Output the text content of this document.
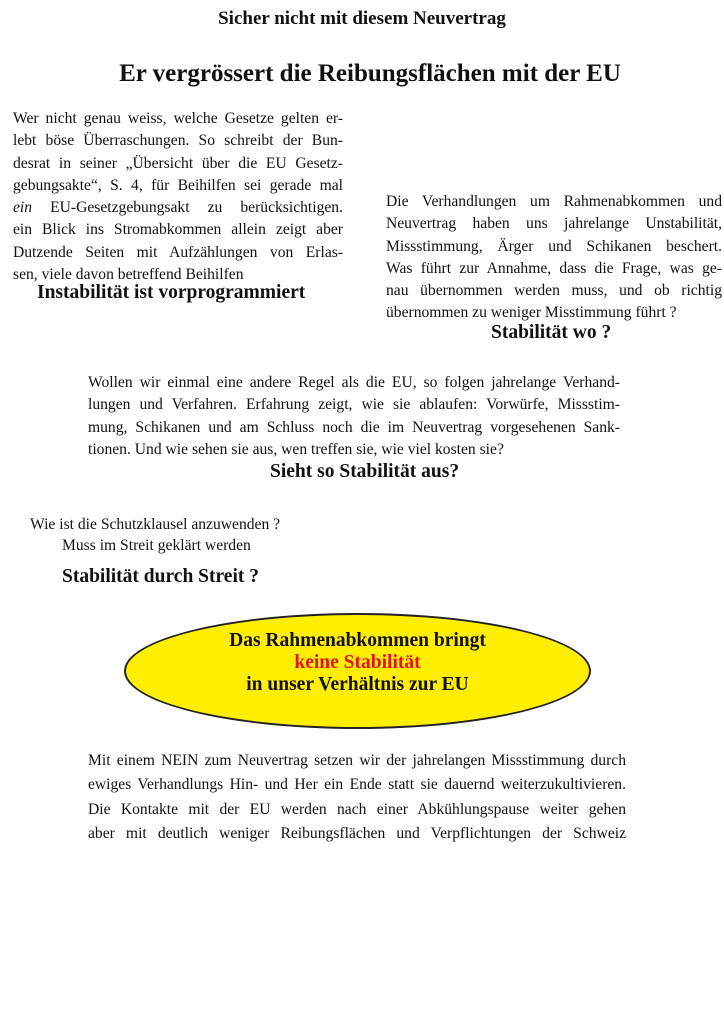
Sicher nicht mit diesem Neuvertrag
Er vergrössert die Reibungsflächen mit der EU
Wer nicht genau weiss, welche Gesetze gelten er-
lebt böse Überraschungen. So schreibt der Bun-
desrat in seiner „Übersicht über die EU Gesetz-
gebungsakte“, S. 4, für Beihilfen sei gerade mal
ein EU-Gesetzgebungsakt zu berücksichtigen.
ein Blick ins Stromabkommen allein zeigt aber
Dutzende Seiten mit Aufzählungen von Erlas-
sen, viele davon betreffend Beihilfen
Instabilität ist vorprogrammiert
Die Verhandlungen um Rahmenabkommen und
Neuvertrag haben uns jahrelange Unstabilität,
Missstimmung, Ärger und Schikanen beschert.
Was führt zur Annahme, dass die Frage, was ge-
nau übernommen werden muss, und ob richtig
übernommen zu weniger Misstimmung führt ?
Stabilität wo ?
Wollen wir einmal eine andere Regel als die EU, so folgen jahrelange Verhand-
lungen und Verfahren. Erfahrung zeigt, wie sie ablaufen: Vorwürfe, Missstim-
mung, Schikanen und am Schluss noch die im Neuvertrag vorgesehenen Sank-
tionen. Und wie sehen sie aus, wen treffen sie, wie viel kosten sie?
Sieht so Stabilität aus?
Wie ist die Schutzklausel anzuwenden ?
Muss im Streit geklärt werden
Stabilität durch Streit ?
Das Rahmenabkommen bringt
keine Stabilität
in unser Verhältnis zur EU
Mit einem NEIN zum Neuvertrag setzen wir der jahrelangen Missstimmung durch
ewiges Verhandlungs Hin- und Her ein Ende statt sie dauernd weiterzukultivieren.
Die Kontakte mit der EU werden nach einer Abkühlungspause weiter gehen
aber mit deutlich weniger Reibungsflächen und Verpflichtungen der Schweiz
